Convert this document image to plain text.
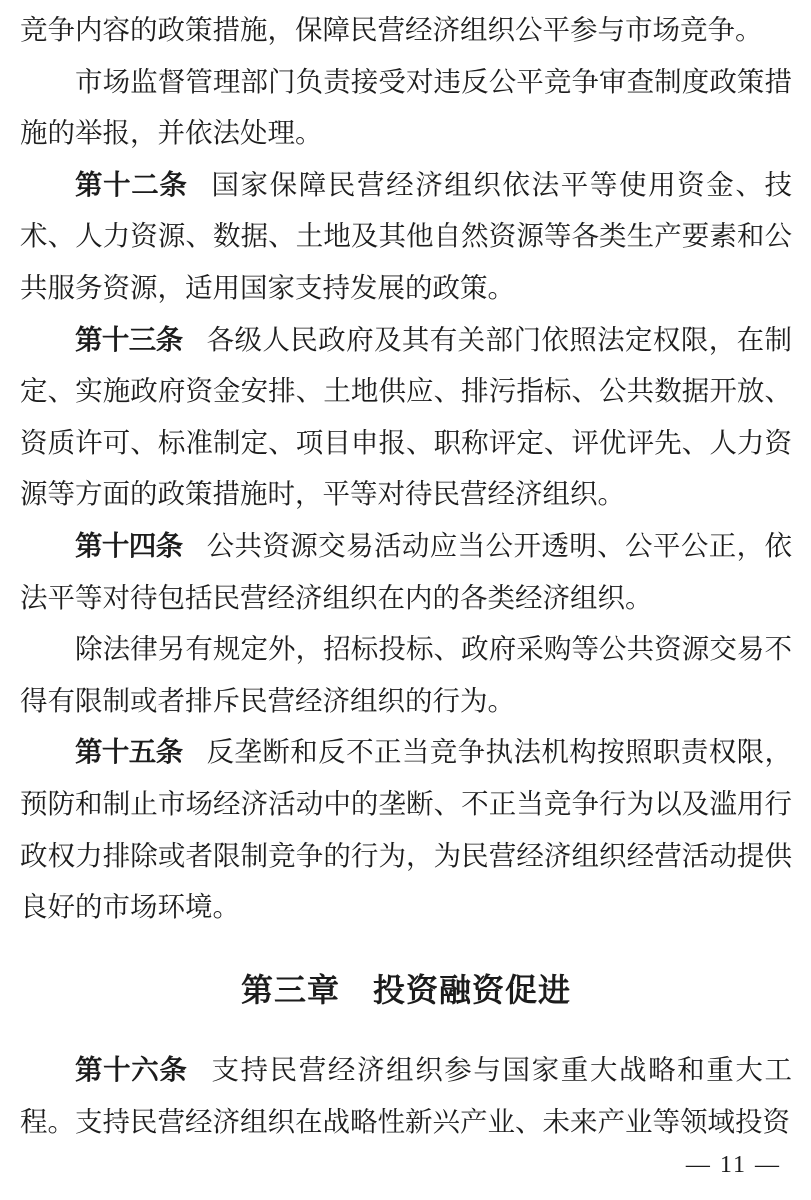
竞争内容的政策措施，保障民营经济组织公平参与市场竞争。

市场监督管理部门负责接受对违反公平竞争审查制度政策措施的举报，并依法处理。

第十二条 国家保障民营经济组织依法平等使用资金、技术、人力资源、数据、土地及其他自然资源等各类生产要素和公共服务资源，适用国家支持发展的政策。

第十三条 各级人民政府及其有关部门依照法定权限，在制定、实施政府资金安排、土地供应、排污指标、公共数据开放、资质许可、标准制定、项目申报、职称评定、评优评先、人力资源等方面的政策措施时，平等对待民营经济组织。

第十四条 公共资源交易活动应当公开透明、公平公正，依法平等对待包括民营经济组织在内的各类经济组织。

除法律另有规定外，招标投标、政府采购等公共资源交易不得有限制或者排斥民营经济组织的行为。

第十五条 反垄断和反不正当竞争执法机构按照职责权限，预防和制止市场经济活动中的垄断、不正当竞争行为以及滥用行政权力排除或者限制竞争的行为，为民营经济组织经营活动提供良好的市场环境。

第三章　投资融资促进

第十六条 支持民营经济组织参与国家重大战略和重大工程。支持民营经济组织在战略性新兴产业、未来产业等领域投资

— 11 —
